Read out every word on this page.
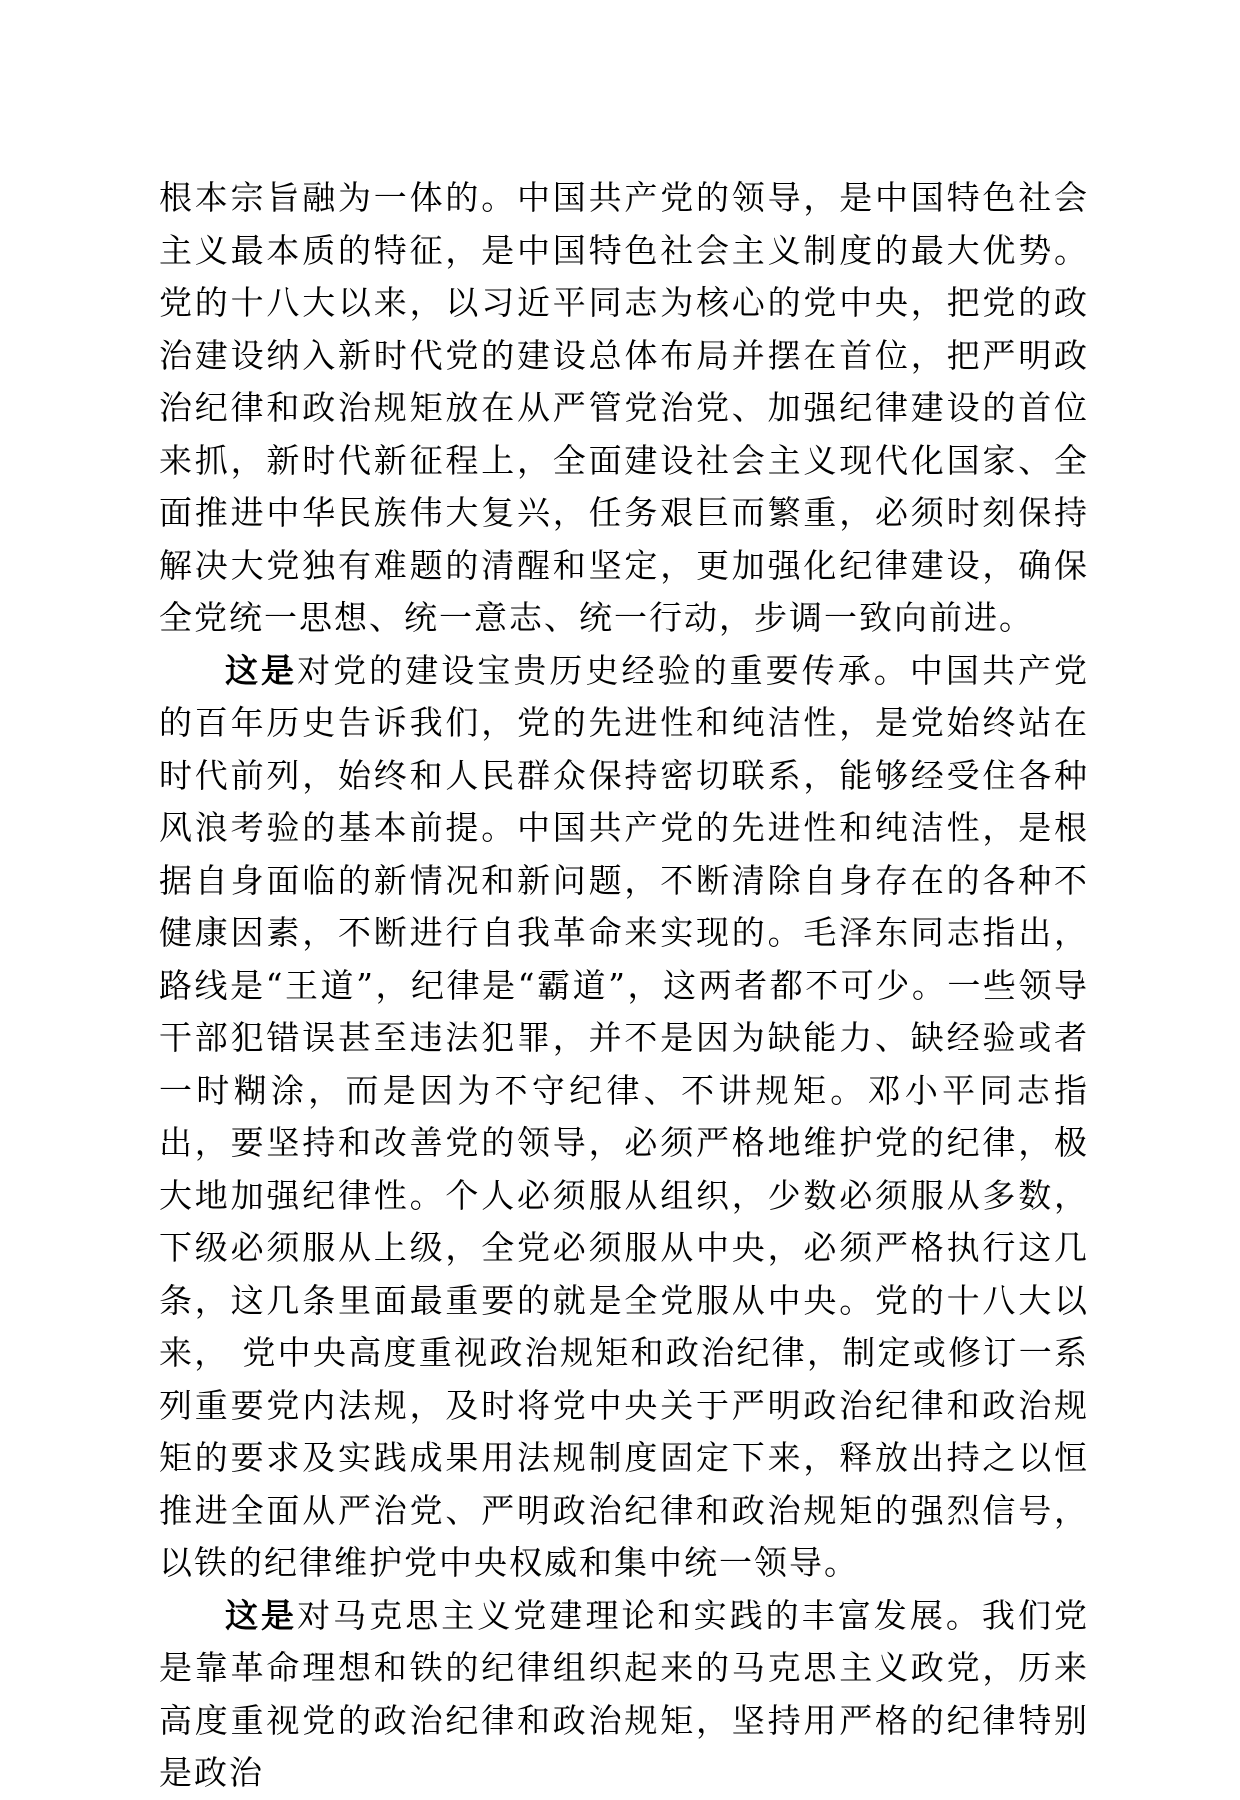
根本宗旨融为一体的。中国共产党的领导，是中国特色社会主义最本质的特征，是中国特色社会主义制度的最大优势。党的十八大以来，以习近平同志为核心的党中央，把党的政治建设纳入新时代党的建设总体布局并摆在首位，把严明政治纪律和政治规矩放在从严管党治党、加强纪律建设的首位来抓，新时代新征程上，全面建设社会主义现代化国家、全面推进中华民族伟大复兴，任务艰巨而繁重，必须时刻保持解决大党独有难题的清醒和坚定，更加强化纪律建设，确保全党统一思想、统一意志、统一行动，步调一致向前进。

这是对党的建设宝贵历史经验的重要传承。中国共产党的百年历史告诉我们，党的先进性和纯洁性，是党始终站在时代前列，始终和人民群众保持密切联系，能够经受住各种风浪考验的基本前提。中国共产党的先进性和纯洁性，是根据自身面临的新情况和新问题，不断清除自身存在的各种不健康因素，不断进行自我革命来实现的。毛泽东同志指出，路线是“王道”，纪律是“霸道”，这两者都不可少。一些领导干部犯错误甚至违法犯罪，并不是因为缺能力、缺经验或者一时糊涂，而是因为不守纪律、不讲规矩。邓小平同志指出，要坚持和改善党的领导，必须严格地维护党的纪律，极大地加强纪律性。个人必须服从组织，少数必须服从多数，下级必须服从上级，全党必须服从中央，必须严格执行这几条，这几条里面最重要的就是全党服从中央。党的十八大以来， 党中央高度重视政治规矩和政治纪律，制定或修订一系列重要党内法规，及时将党中央关于严明政治纪律和政治规矩的要求及实践成果用法规制度固定下来，释放出持之以恒推进全面从严治党、严明政治纪律和政治规矩的强烈信号，以铁的纪律维护党中央权威和集中统一领导。

这是对马克思主义党建理论和实践的丰富发展。我们党是靠革命理想和铁的纪律组织起来的马克思主义政党，历来高度重视党的政治纪律和政治规矩，坚持用严格的纪律特别是政治
